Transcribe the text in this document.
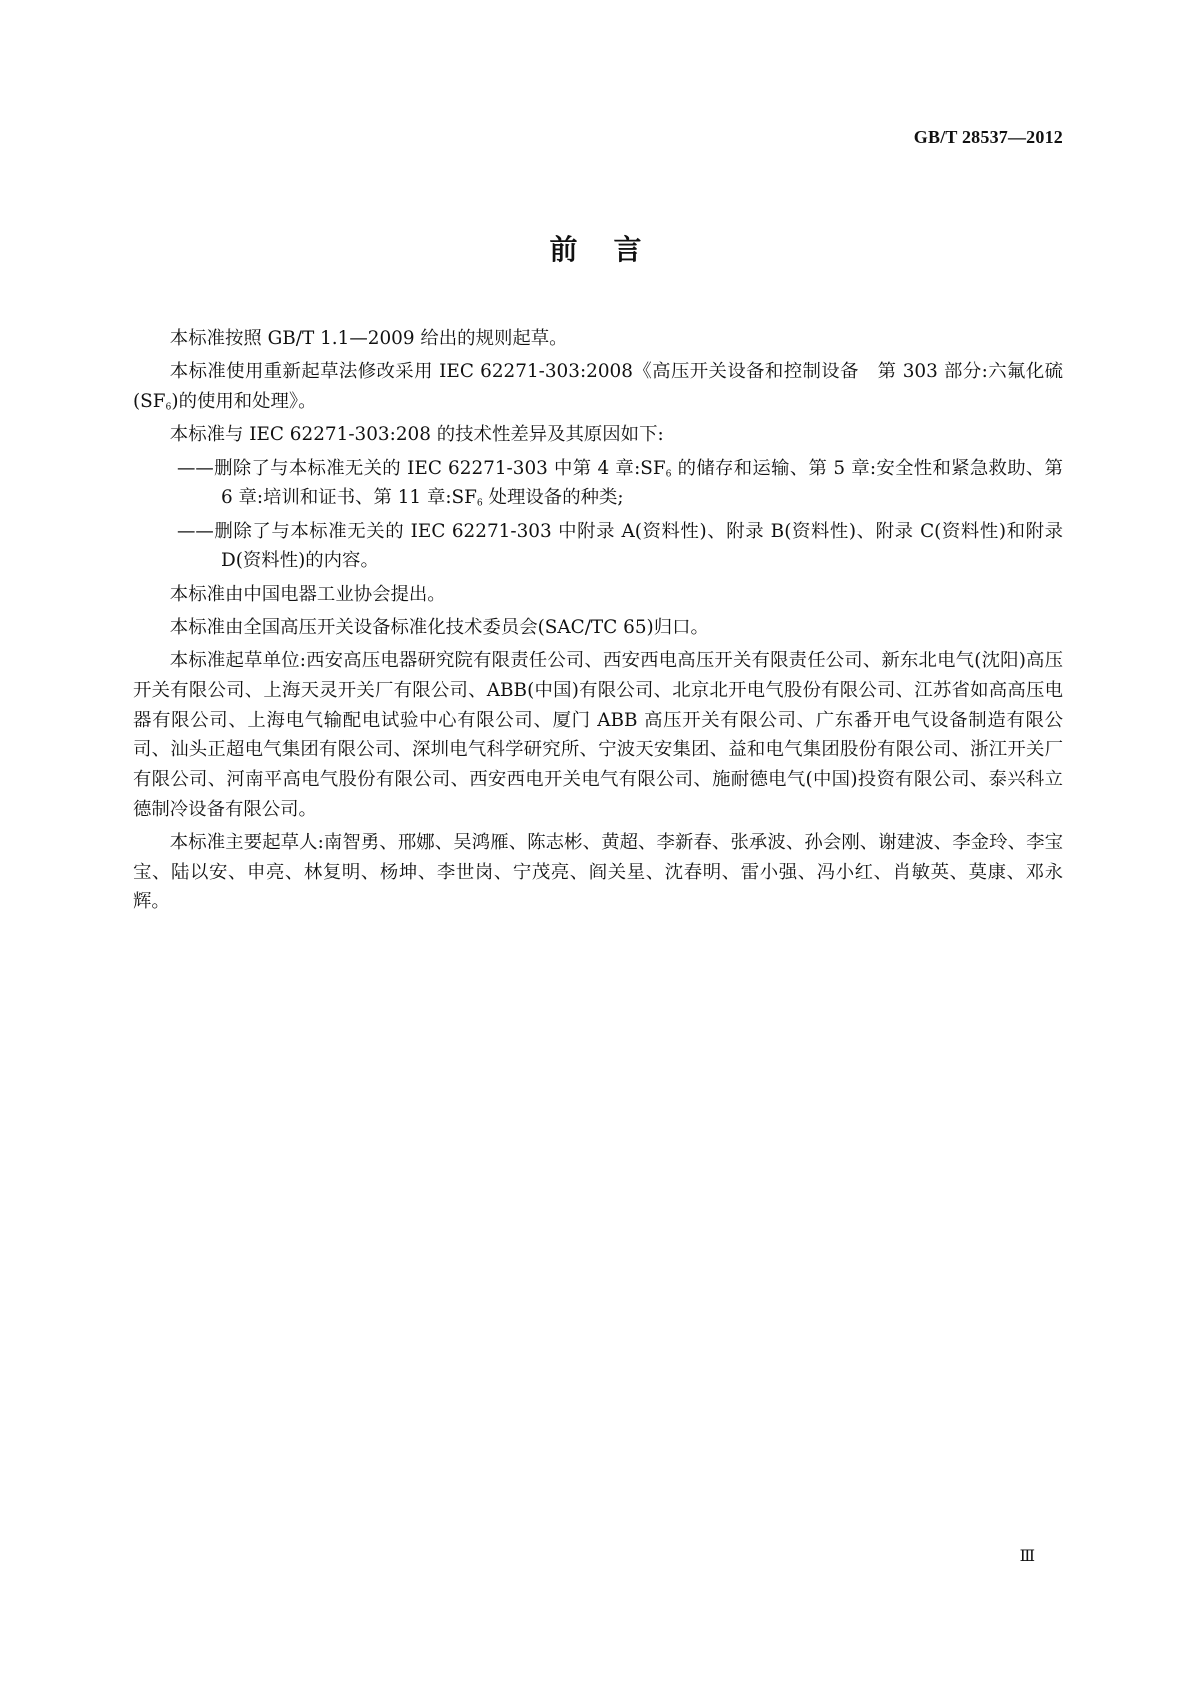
GB/T 28537—2012
前言

本标准按照 GB/T 1.1—2009 给出的规则起草。

本标准使用重新起草法修改采用 IEC 62271-303:2008《高压开关设备和控制设备　第 303 部分:六氟化硫$(SF_6)$的使用和处理》。

本标准与 IEC 62271-303:208 的技术性差异及其原因如下:

——删除了与本标准无关的 IEC 62271-303 中第 4 章$:SF_6$ 的储存和运输、第 5 章:安全性和紧急救助、第 6 章:培训和证书、第 11 章$:SF_6$ 处理设备的种类;

——删除了与本标准无关的 IEC 62271-303 中附录 A(资料性)、附录 B(资料性)、附录 C(资料性)和附录 D(资料性)的内容。

本标准由中国电器工业协会提出。

本标准由全国高压开关设备标准化技术委员会(SAC/TC 65)归口。

本标准起草单位:西安高压电器研究院有限责任公司、西安西电高压开关有限责任公司、新东北电气(沈阳)高压开关有限公司、上海天灵开关厂有限公司、ABB(中国)有限公司、北京北开电气股份有限公司、江苏省如高高压电器有限公司、上海电气输配电试验中心有限公司、厦门 ABB 高压开关有限公司、广东番开电气设备制造有限公司、汕头正超电气集团有限公司、深圳电气科学研究所、宁波天安集团、益和电气集团股份有限公司、浙江开关厂有限公司、河南平高电气股份有限公司、西安西电开关电气有限公司、施耐德电气(中国)投资有限公司、泰兴科立德制冷设备有限公司。

本标准主要起草人:南智勇、邢娜、吴鸿雁、陈志彬、黄超、李新春、张承波、孙会刚、谢建波、李金玲、李宝宝、陆以安、申亮、林复明、杨坤、李世岗、宁茂亮、阎关星、沈春明、雷小强、冯小红、肖敏英、莫康、邓永辉。

Ⅲ
